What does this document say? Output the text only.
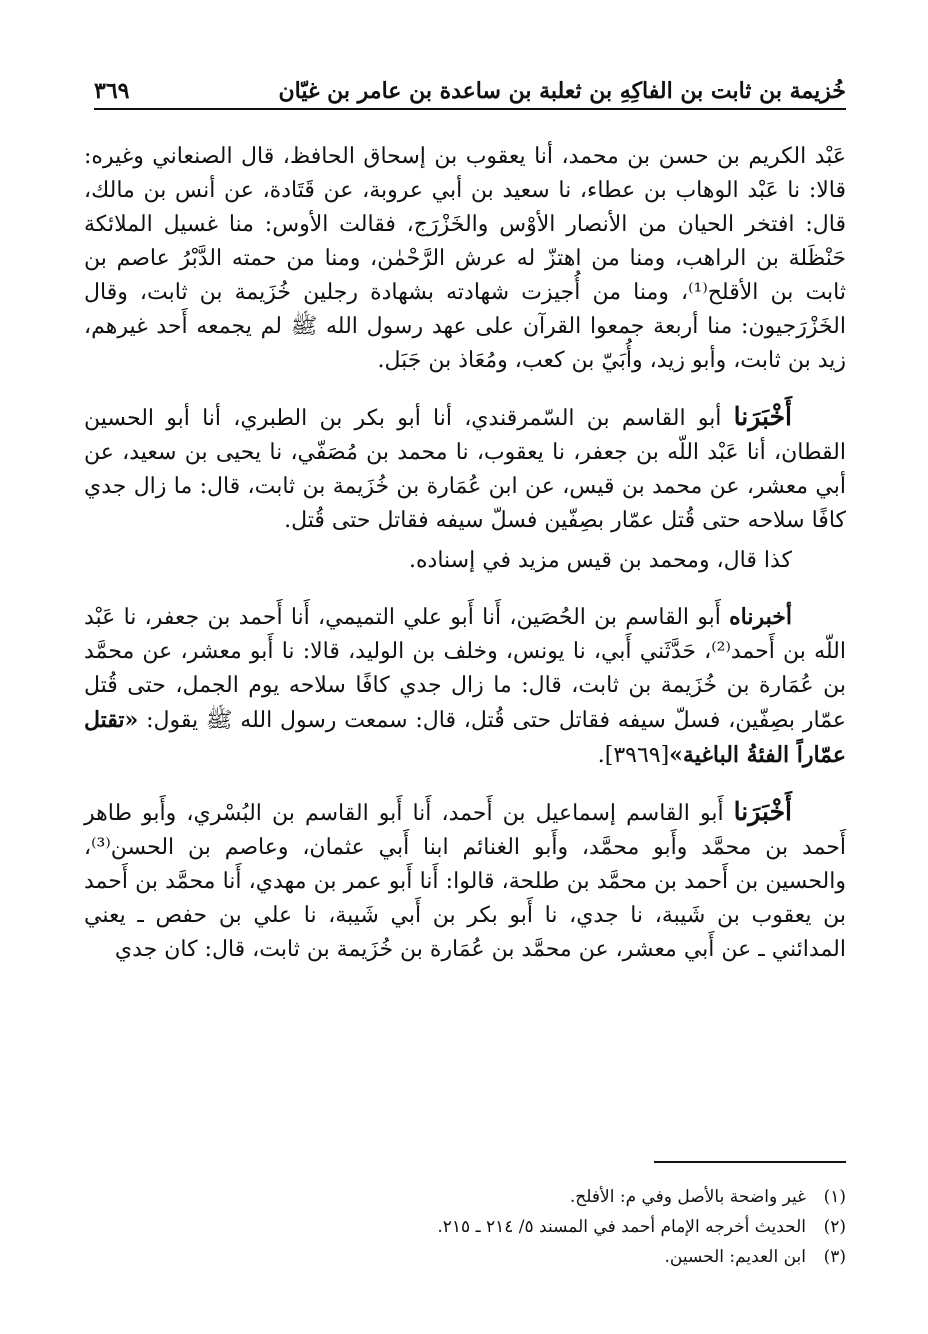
خُزيمة بن ثابت بن الفاكِهِ بن ثعلبة بن ساعدة بن عامر بن غيّان
٣٦٩

عَبْد الكريم بن حسن بن محمد، أنا يعقوب بن إسحاق الحافظ، قال الصنعاني وغيره: قالا: نا عَبْد الوهاب بن عطاء، نا سعيد بن أبي عروبة، عن قَتَادة، عن أنس بن مالك، قال: افتخر الحيان من الأنصار الأوْس والخَزْرَج، فقالت الأوس: منا غسيل الملائكة حَنْظَلة بن الراهب، ومنا من اهتزّ له عرش الرَّحْمٰن، ومنا من حمته الدَّبْرُ عاصم بن ثابت بن الأقلح⁽¹⁾، ومنا من أُجيزت شهادته بشهادة رجلين خُزَيمة بن ثابت، وقال الخَزْرَجيون: منا أربعة جمعوا القرآن على عهد رسول الله ﷺ لم يجمعه أَحد غيرهم، زيد بن ثابت، وأبو زيد، وأُبَيّ بن كعب، ومُعَاذ بن جَبَل.

أَخْبَرَنا أبو القاسم بن السّمرقندي، أنا أبو بكر بن الطبري، أنا أبو الحسين القطان، أنا عَبْد اللّه بن جعفر، نا يعقوب، نا محمد بن مُصَفّي، نا يحيى بن سعيد، عن أبي معشر، عن محمد بن قيس، عن ابن عُمَارة بن خُزَيمة بن ثابت، قال: ما زال جدي كافًا سلاحه حتى قُتل عمّار بصِفّين فسلّ سيفه فقاتل حتى قُتل.

كذا قال، ومحمد بن قيس مزيد في إسناده.

أخبرناه أَبو القاسم بن الحُصَين، أَنا أَبو علي التميمي، أَنا أَحمد بن جعفر، نا عَبْد اللّه بن أَحمد⁽²⁾، حَدَّثَني أَبي، نا يونس، وخلف بن الوليد، قالا: نا أَبو معشر، عن محمَّد بن عُمَارة بن خُزَيمة بن ثابت، قال: ما زال جدي كافًا سلاحه يوم الجمل، حتى قُتل عمّار بصِفّين، فسلّ سيفه فقاتل حتى قُتل، قال: سمعت رسول الله ﷺ يقول: «تقتل عمّاراً الفئةُ الباغية»[٣٩٦٩].

أَخْبَرَنا أَبو القاسم إسماعيل بن أَحمد، أَنا أَبو القاسم بن البُسْري، وأَبو طاهر أَحمد بن محمَّد وأَبو محمَّد، وأَبو الغنائم ابنا أَبي عثمان، وعاصم بن الحسن⁽³⁾، والحسين بن أَحمد بن محمَّد بن طلحة، قالوا: أَنا أَبو عمر بن مهدي، أَنا محمَّد بن أَحمد بن يعقوب بن شَيبة، نا جدي، نا أَبو بكر بن أَبي شَيبة، نا علي بن حفص ـ يعني المدائني ـ عن أَبي معشر، عن محمَّد بن عُمَارة بن خُزَيمة بن ثابت، قال: كان جدي

(١)
غير واضحة بالأصل وفي م: الأفلح.
(٢)
الحديث أخرجه الإمام أحمد في المسند ٥/ ٢١٤ ـ ٢١٥.
(٣)
ابن العديم: الحسين.
